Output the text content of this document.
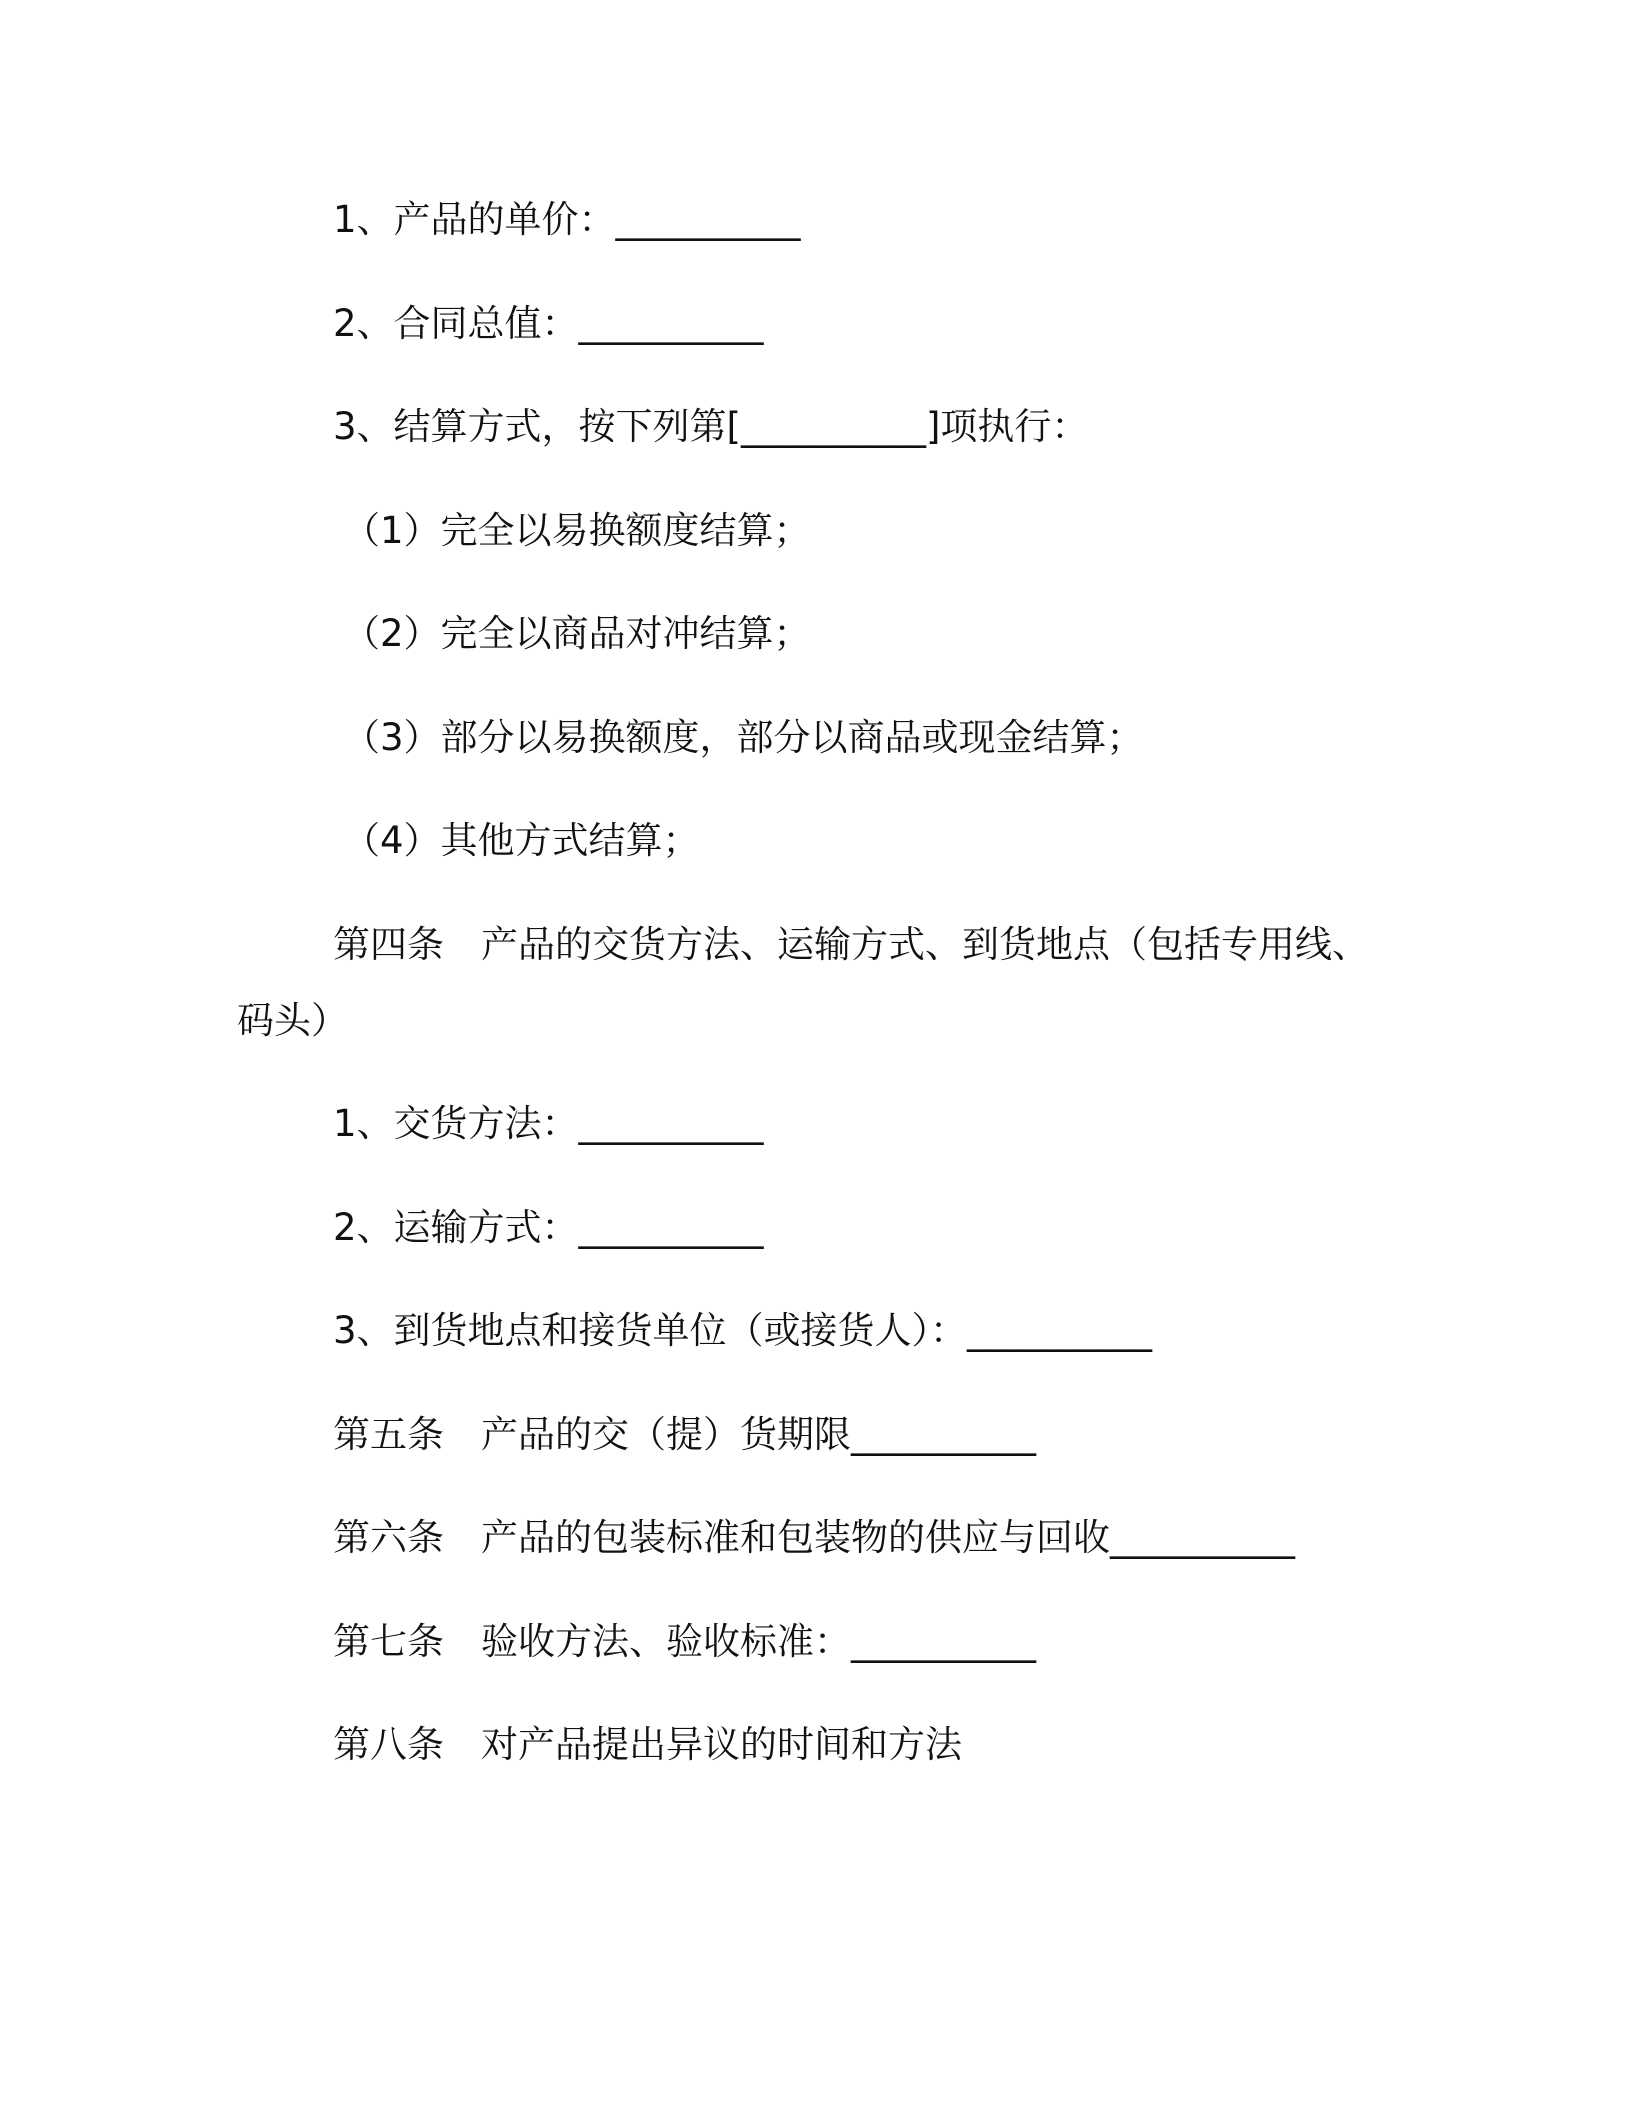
1、产品的单价：__________
2、合同总值：__________
3、结算方式，按下列第[__________]项执行：
（1）完全以易换额度结算；
（2）完全以商品对冲结算；
（3）部分以易换额度，部分以商品或现金结算；
（4）其他方式结算；
第四条　产品的交货方法、运输方式、到货地点（包括专用线、
码头）
1、交货方法：__________
2、运输方式：__________
3、到货地点和接货单位（或接货人）：__________
第五条　产品的交（提）货期限__________
第六条　产品的包装标准和包装物的供应与回收__________
第七条　验收方法、验收标准：__________
第八条　对产品提出异议的时间和方法
